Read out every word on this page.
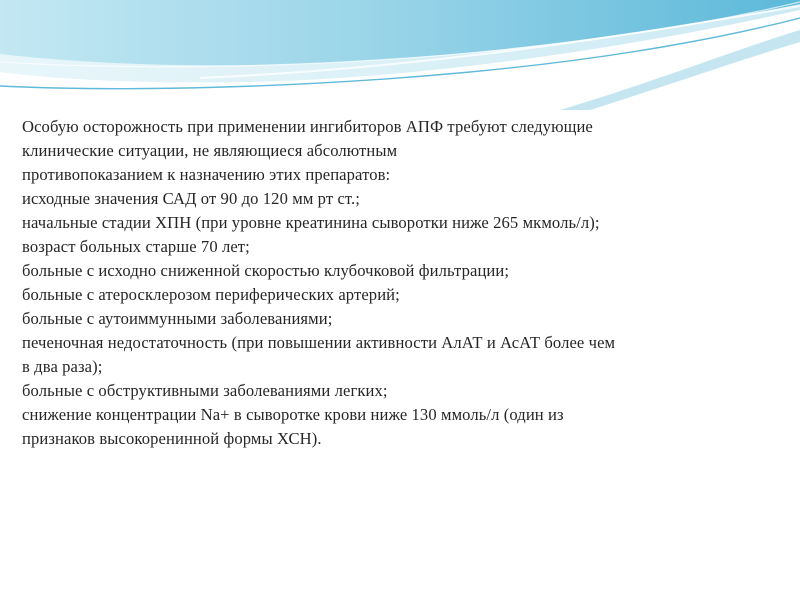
Особую осторожность при применении ингибиторов АПФ требуют следующие
клинические ситуации, не являющиеся абсолютным
противопоказанием к назначению этих препаратов:
исходные значения САД от 90 до 120 мм рт ст.;
начальные стадии ХПН (при уровне креатинина сыворотки ниже 265 мкмоль/л);
возраст больных старше 70 лет;
больные с исходно сниженной скоростью клубочковой фильтрации;
больные с атеросклерозом периферических артерий;
больные с аутоиммунными заболеваниями;
печеночная недостаточность (при повышении активности АлАТ и АсАТ более чем
в два раза);
больные с обструктивными заболеваниями легких;
снижение концентрации Na+ в сыворотке крови ниже 130 ммоль/л (один из
признаков высокоренинной формы ХСН).
